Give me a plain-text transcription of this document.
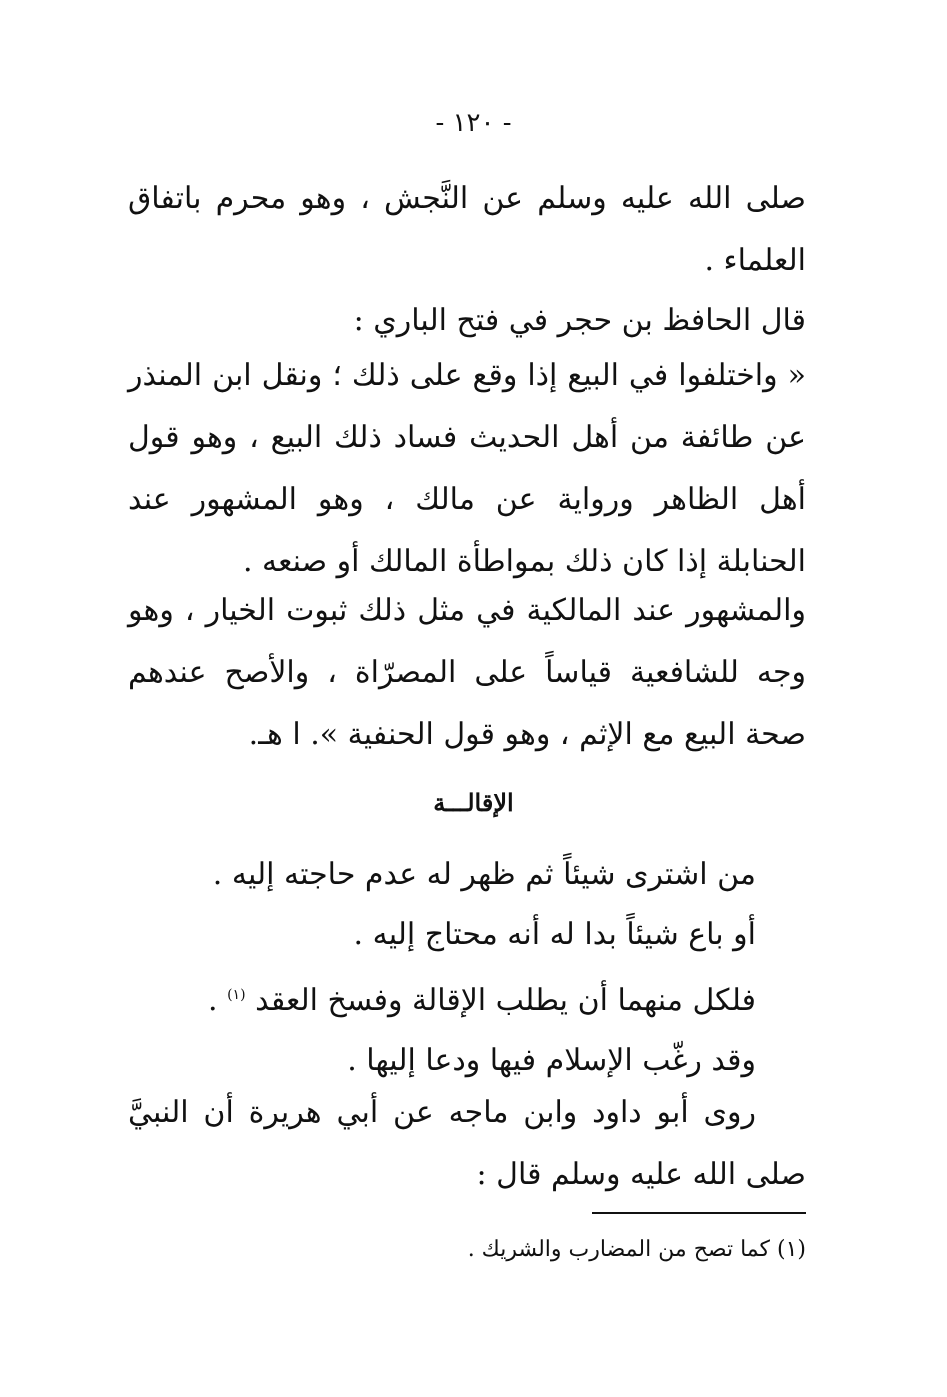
- ١٢٠ -
صلى الله عليه وسلم عن النَّجش ، وهو محرم باتفاق العلماء .
قال الحافظ بن حجر في فتح الباري :
« واختلفوا في البيع إذا وقع على ذلك ؛ ونقل ابن المنذر عن طائفة من أهل الحديث فساد ذلك البيع ، وهو قول أهل الظاهر ورواية عن مالك ، وهو المشهور عند الحنابلة إذا كان ذلك بمواطأة المالك أو صنعه .
والمشهور عند المالكية في مثل ذلك ثبوت الخيار ، وهو وجه للشافعية قياساً على المصرّاة ، والأصح عندهم صحة البيع مع الإثم ، وهو قول الحنفية ». ا هـ.
الإقالـــة
من اشترى شيئاً ثم ظهر له عدم حاجته إليه .
أو باع شيئاً بدا له أنه محتاج إليه .
فلكل منهما أن يطلب الإقالة وفسخ العقد $^{(١)}$ .
وقد رغّب الإسلام فيها ودعا إليها .
روى أبو داود وابن ماجه عن أبي هريرة أن النبيَّ صلى الله عليه وسلم قال :
(١) كما تصح من المضارب والشريك .
